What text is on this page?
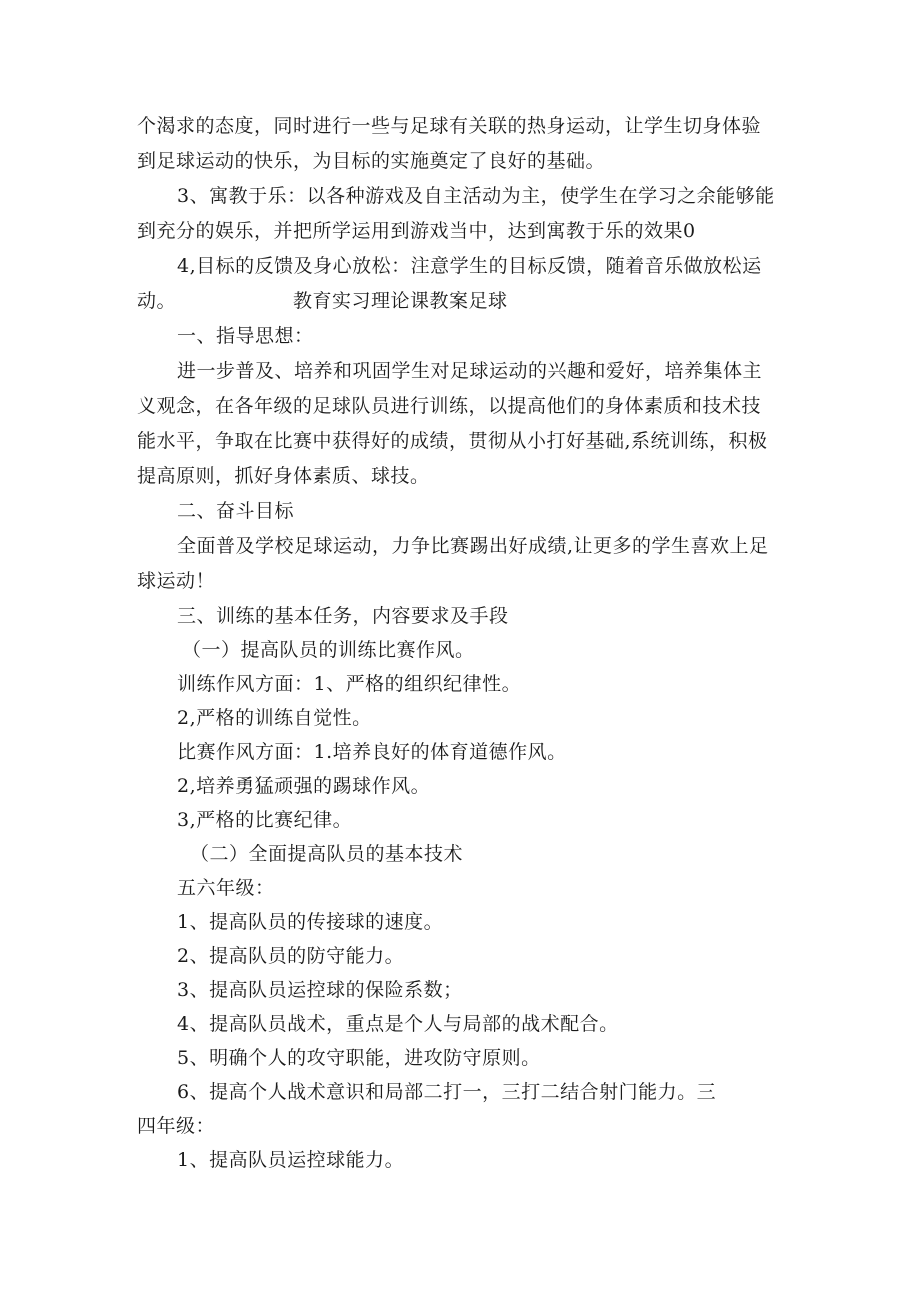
个渴求的态度，同时进行一些与足球有关联的热身运动，让学生切身体验
到足球运动的快乐，为目标的实施奠定了良好的基础。
3、寓教于乐：以各种游戏及自主活动为主，使学生在学习之余能够能
到充分的娱乐，并把所学运用到游戏当中，达到寓教于乐的效果0
4,目标的反馈及身心放松：注意学生的目标反馈，随着音乐做放松运
动。	教育实习理论课教案足球
一、指导思想：
进一步普及、培养和巩固学生对足球运动的兴趣和爱好，培养集体主
义观念，在各年级的足球队员进行训练，以提高他们的身体素质和技术技
能水平，争取在比赛中获得好的成绩，贯彻从小打好基础,系统训练，积极
提高原则，抓好身体素质、球技。
二、奋斗目标
全面普及学校足球运动，力争比赛踢出好成绩,让更多的学生喜欢上足
球运动！
三、训练的基本任务，内容要求及手段
（一）提高队员的训练比赛作风。
训练作风方面：1、严格的组织纪律性。
2,严格的训练自觉性。
比赛作风方面：1.培养良好的体育道德作风。
2,培养勇猛顽强的踢球作风。
3,严格的比赛纪律。
（二）全面提高队员的基本技术
五六年级：
1、提高队员的传接球的速度。
2、提高队员的防守能力。
3、提高队员运控球的保险系数；
4、提高队员战术，重点是个人与局部的战术配合。
5、明确个人的攻守职能，进攻防守原则。
6、提高个人战术意识和局部二打一，三打二结合射门能力。三
四年级：
1、提高队员运控球能力。
